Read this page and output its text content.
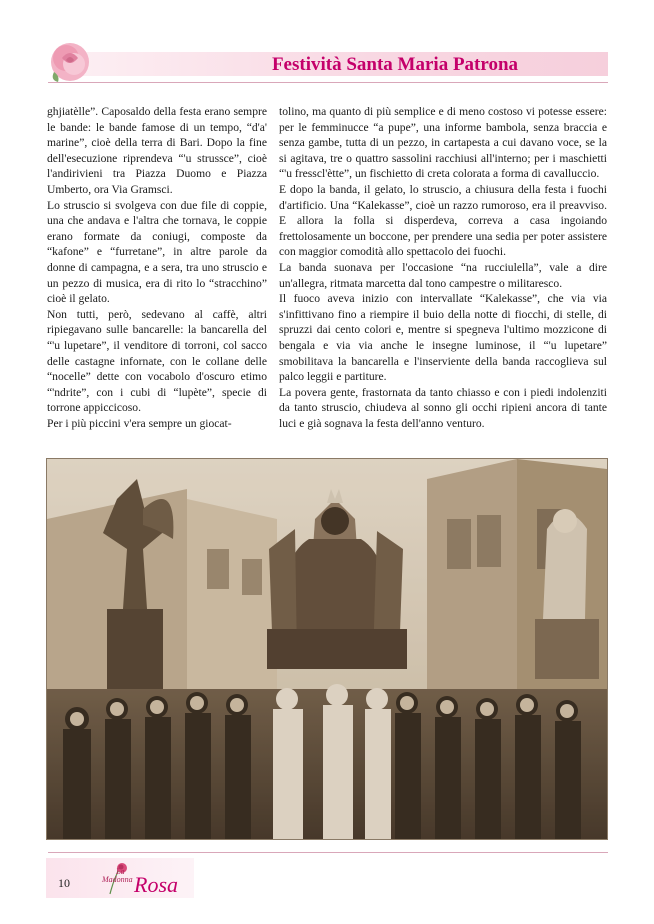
Festività Santa Maria Patrona

ghjiatèlle”. Caposaldo della festa erano sempre le bande: le bande famose di un tempo, “d'a' marine”, cioè della terra di Bari. Dopo la fine dell'esecuzione riprendeva “'u strussce”, cioè l'andirivieni tra Piazza Duomo e Piazza Umberto, ora Via Gramsci.

Lo struscio si svolgeva con due file di coppie, una che andava e l'altra che tornava, le coppie erano formate da coniugi, composte da “kafone” e “furretane”, in altre parole da donne di campagna, e a sera, tra uno struscio e un pezzo di musica, era di rito lo “stracchino” cioè il gelato.

Non tutti, però, sedevano al caffè, altri ripiegavano sulle bancarelle: la bancarella del “'u lupetare”, il venditore di torroni, col sacco delle castagne infornate, con le collane delle “nocelle” dette con vocabolo d'oscuro etimo “'ndrite”, con i cubi di “lupète”, specie di torrone appiccicoso.

Per i più piccini v'era sempre un giocat-

tolino, ma quanto di più semplice e di meno costoso vi potesse essere: per le femminucce “a pupe”, una informe bambola, senza braccia e senza gambe, tutta di un pezzo, in cartapesta a cui davano voce, se la si agitava, tre o quattro sassolini racchiusi all'interno; per i maschietti “'u fresscl'ètte”, un fischietto di creta colorata a forma di cavalluccio.

E dopo la banda, il gelato, lo struscio, a chiusura della festa i fuochi d'artificio. Una “Kalekasse”, cioè un razzo rumoroso, era il preavviso. E allora la folla si disperdeva, correva a casa ingoiando frettolosamente un boccone, per prendere una sedia per poter assistere con maggior comodità allo spettacolo dei fuochi.

La banda suonava per l'occasione “na rucciulella”, vale a dire un'allegra, ritmata marcetta dal tono campestre o militaresco.

Il fuoco aveva inizio con intervallate “Kalekasse”, che via via s'infittivano fino a riempire il buio della notte di fiocchi, di stelle, di spruzzi dai cento colori e, mentre si spegneva l'ultimo mozzicone di bengala e via via anche le insegne luminose, il “'u lupetare” smobilitava la bancarella e l'inserviente della banda raccoglieva sul palco leggii e partiture.

La povera gente, frastornata da tanto chiasso e con i piedi indolenziti da tanto struscio, chiudeva al sonno gli occhi ripieni ancora di tante luci e già sognava la festa dell'anno venturo.

10
La
Madonna Rosa
